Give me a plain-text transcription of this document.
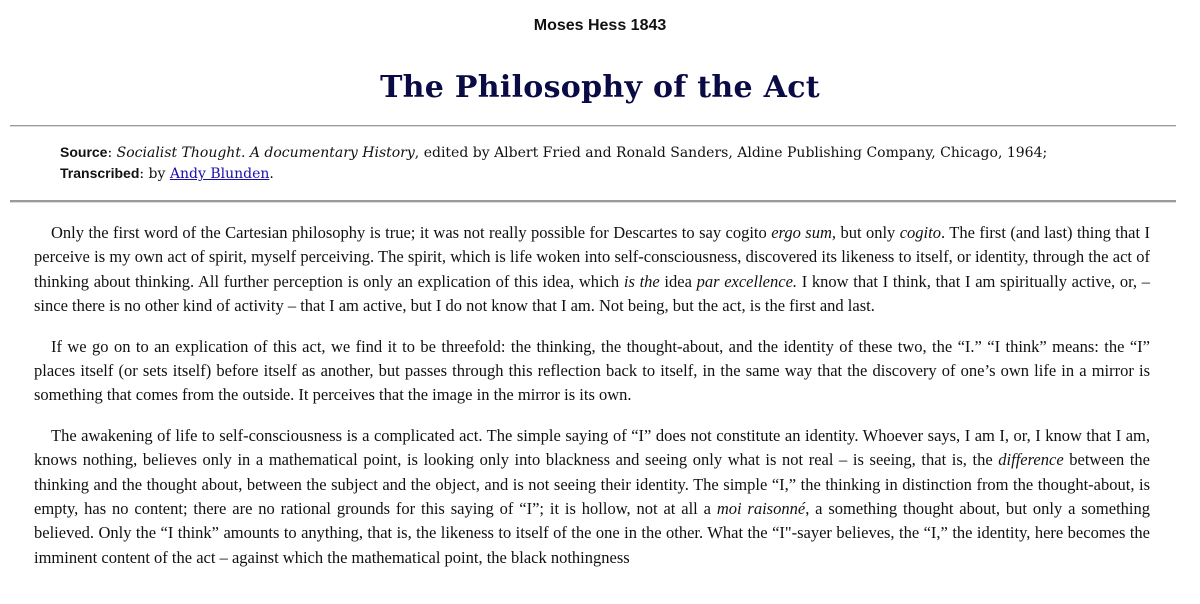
Moses Hess 1843
The Philosophy of the Act
Source: Socialist Thought. A documentary History, edited by Albert Fried and Ronald Sanders, Aldine Publishing Company, Chicago, 1964;
Transcribed: by Andy Blunden.

Only the first word of the Cartesian philosophy is true; it was not really possible for Descartes to say cogito ergo sum, but only cogito. The first (and last) thing that I perceive is my own act of spirit, myself perceiving. The spirit, which is life woken into self-consciousness, discovered its likeness to itself, or identity, through the act of thinking about thinking. All further perception is only an explication of this idea, which is the idea par excellence. I know that I think, that I am spiritually active, or, – since there is no other kind of activity – that I am active, but I do not know that I am. Not being, but the act, is the first and last.

If we go on to an explication of this act, we find it to be threefold: the thinking, the thought-about, and the identity of these two, the “I.” “I think” means: the “I” places itself (or sets itself) before itself as another, but passes through this reflection back to itself, in the same way that the discovery of one’s own life in a mirror is something that comes from the outside. It perceives that the image in the mirror is its own.

The awakening of life to self-consciousness is a complicated act. The simple saying of “I” does not constitute an identity. Whoever says, I am I, or, I know that I am, knows nothing, believes only in a mathematical point, is looking only into blackness and seeing only what is not real – is seeing, that is, the difference between the thinking and the thought about, between the subject and the object, and is not seeing their identity. The simple “I,” the thinking in distinction from the thought-about, is empty, has no content; there are no rational grounds for this saying of “I”; it is hollow, not at all a moi raisonné, a something thought about, but only a something believed. Only the “I think” amounts to anything, that is, the likeness to itself of the one in the other. What the “I"-sayer believes, the “I,” the identity, here becomes the imminent content of the act – against which the mathematical point, the black nothingness
